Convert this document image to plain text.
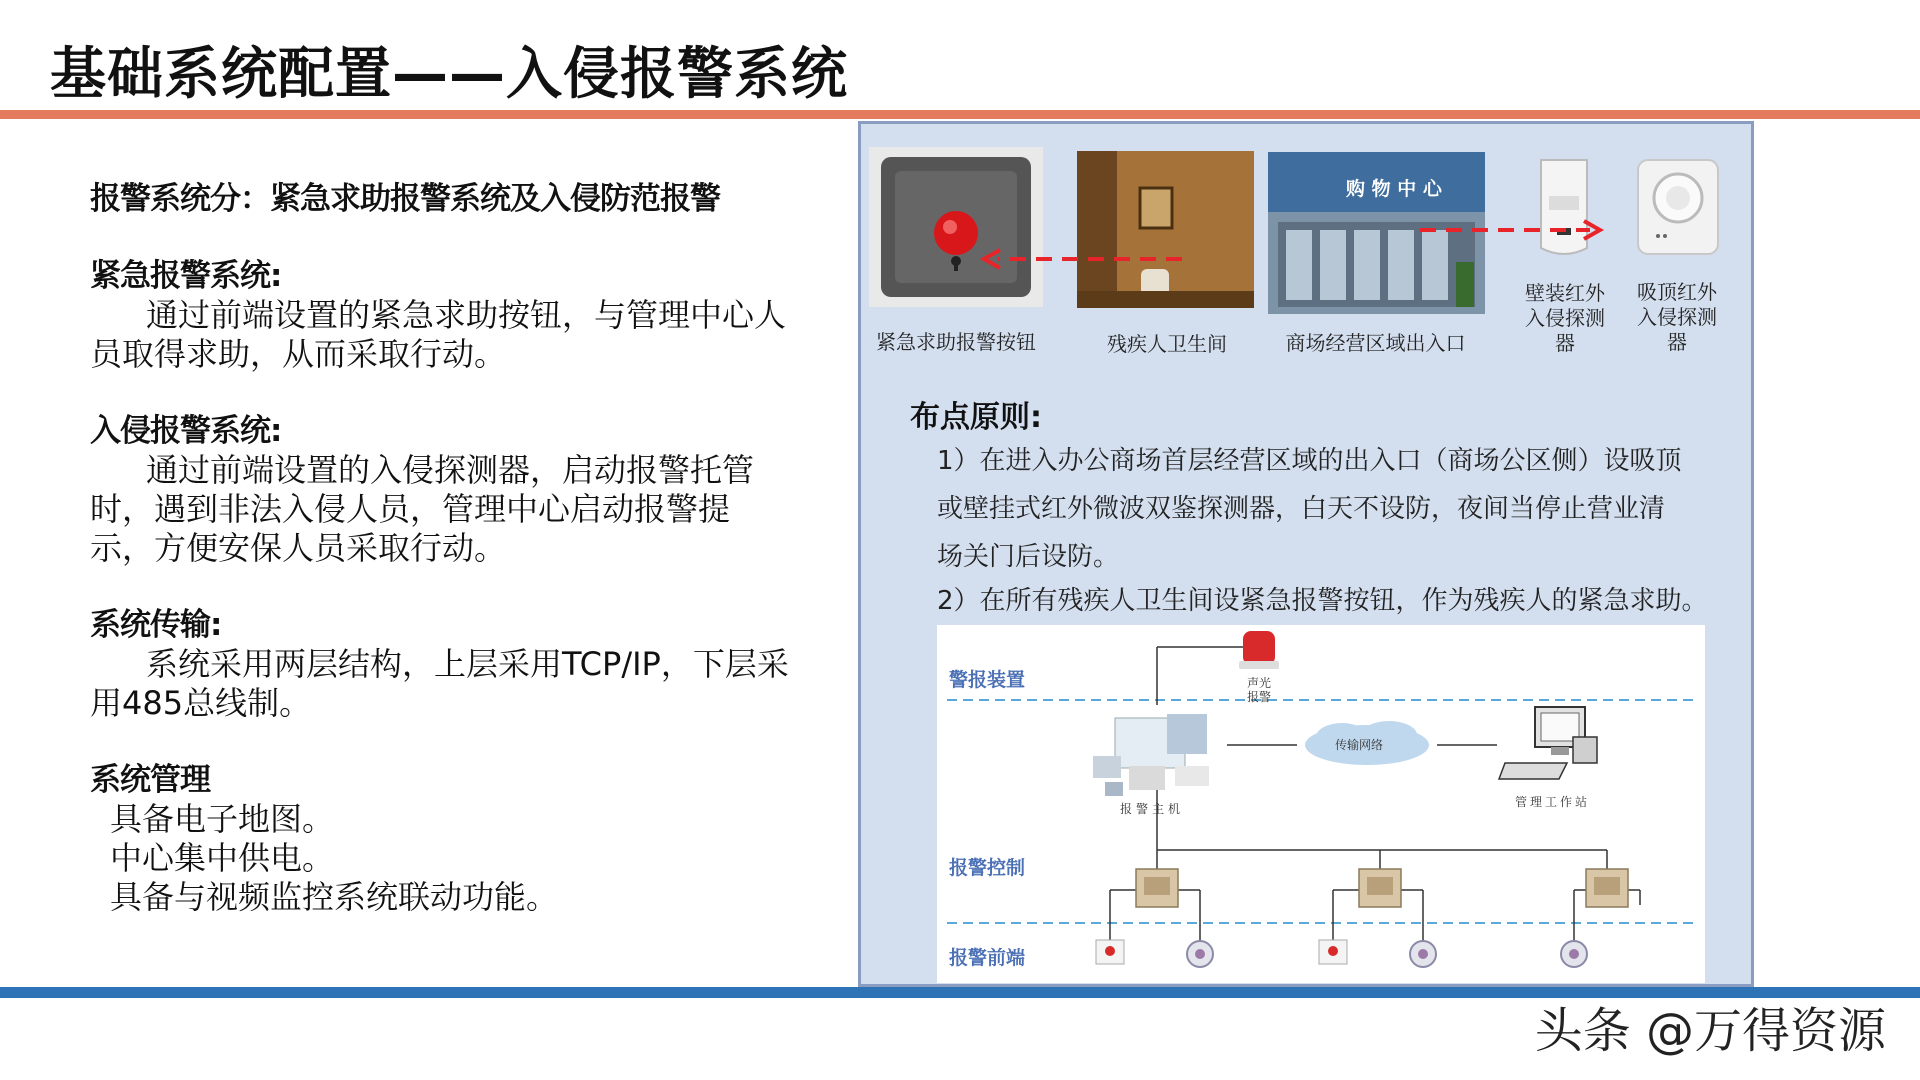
基础系统配置——入侵报警系统
报警系统分：紧急求助报警系统及入侵防范报警
紧急报警系统:

通过前端设置的紧急求助按钮，与管理中心人员取得求助，从而采取行动。

入侵报警系统:

通过前端设置的入侵探测器，启动报警托管时，遇到非法入侵人员，管理中心启动报警提示，方便安保人员采取行动。

系统传输:

系统采用两层结构，上层采用TCP/IP，下层采用485总线制。

系统管理
具备电子地图。
中心集中供电。
具备与视频监控系统联动功能。
购 物 中 心
紧急求助报警按钮	残疾人卫生间	商场经营区域出入口
壁装红外
入侵探测
器
吸顶红外
入侵探测
器
布点原则:
1）在进入办公商场首层经营区域的出入口（商场公区侧）设吸顶
或壁挂式红外微波双鉴探测器，白天不设防，夜间当停止营业清
场关门后设防。
2）在所有残疾人卫生间设紧急报警按钮，作为残疾人的紧急求助。
警报装置
报警控制
报警前端
声光
报警
报警主机
传输网络
管理工作站
头条 @万得资源
